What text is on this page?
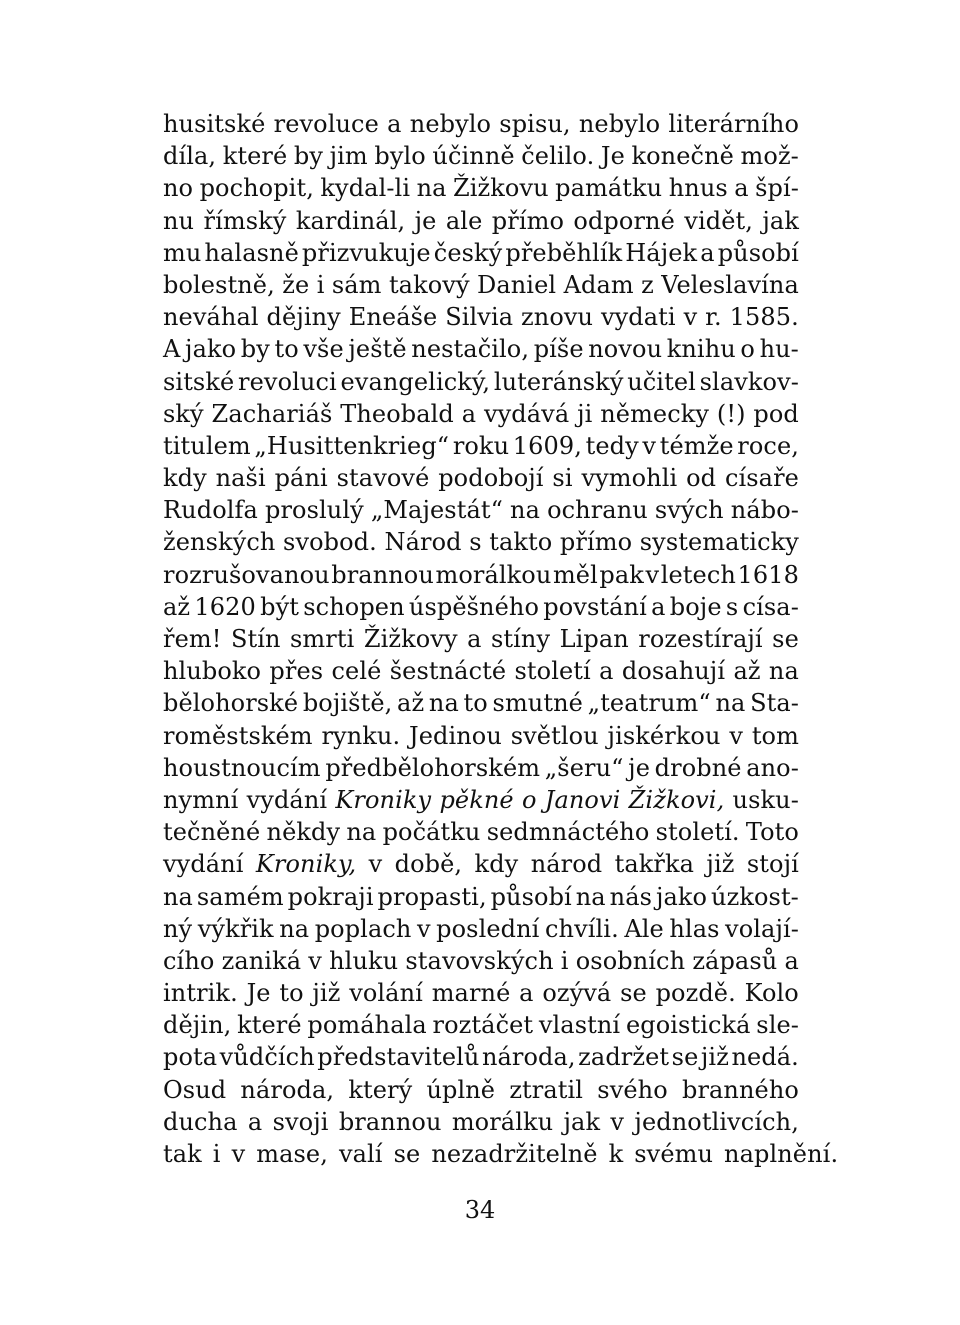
husitské revoluce a nebylo spisu, nebylo literárního
díla, které by jim bylo účinně čelilo. Je konečně mož-
no pochopit, kydal-li na Žižkovu památku hnus a špí-
nu římský kardinál, je ale přímo odporné vidět, jak
mu halasně přizvukuje český přeběhlík Hájek a působí
bolestně, že i sám takový Daniel Adam z Veleslavína
neváhal dějiny Eneáše Silvia znovu vydati v r. 1585.
A jako by to vše ještě nestačilo, píše novou knihu o hu-
sitské revoluci evangelický, luteránský učitel slavkov-
ský Zachariáš Theobald a vydává ji německy (!) pod
titulem „Husittenkrieg“ roku 1609, tedy v témže roce,
kdy naši páni stavové podobojí si vymohli od císaře
Rudolfa proslulý „Majestát“ na ochranu svých nábo-
ženských svobod. Národ s takto přímo systematicky
rozrušovanou brannou morálkou měl pak v letech 1618
až 1620 být schopen úspěšného povstání a boje s císa-
řem! Stín smrti Žižkovy a stíny Lipan rozestírají se
hluboko přes celé šestnácté století a dosahují až na
bělohorské bojiště, až na to smutné „teatrum“ na Sta-
roměstském rynku. Jedinou světlou jiskérkou v tom
houstnoucím předbělohorském „šeru“ je drobné ano-
nymní vydání Kroniky pěkné o Janovi Žižkovi, usku-
tečněné někdy na počátku sedmnáctého století. Toto
vydání Kroniky, v době, kdy národ takřka již stojí
na samém pokraji propasti, působí na nás jako úzkost-
ný výkřik na poplach v poslední chvíli. Ale hlas volají-
cího zaniká v hluku stavovských i osobních zápasů a
intrik. Je to již volání marné a ozývá se pozdě. Kolo
dějin, které pomáhala roztáčet vlastní egoistická sle-
pota vůdčích představitelů národa, zadržet se již nedá.
Osud národa, který úplně ztratil svého branného
ducha a svoji brannou morálku jak v jednotlivcích,
tak i v mase, valí se nezadržitelně k svému naplnění.
34
